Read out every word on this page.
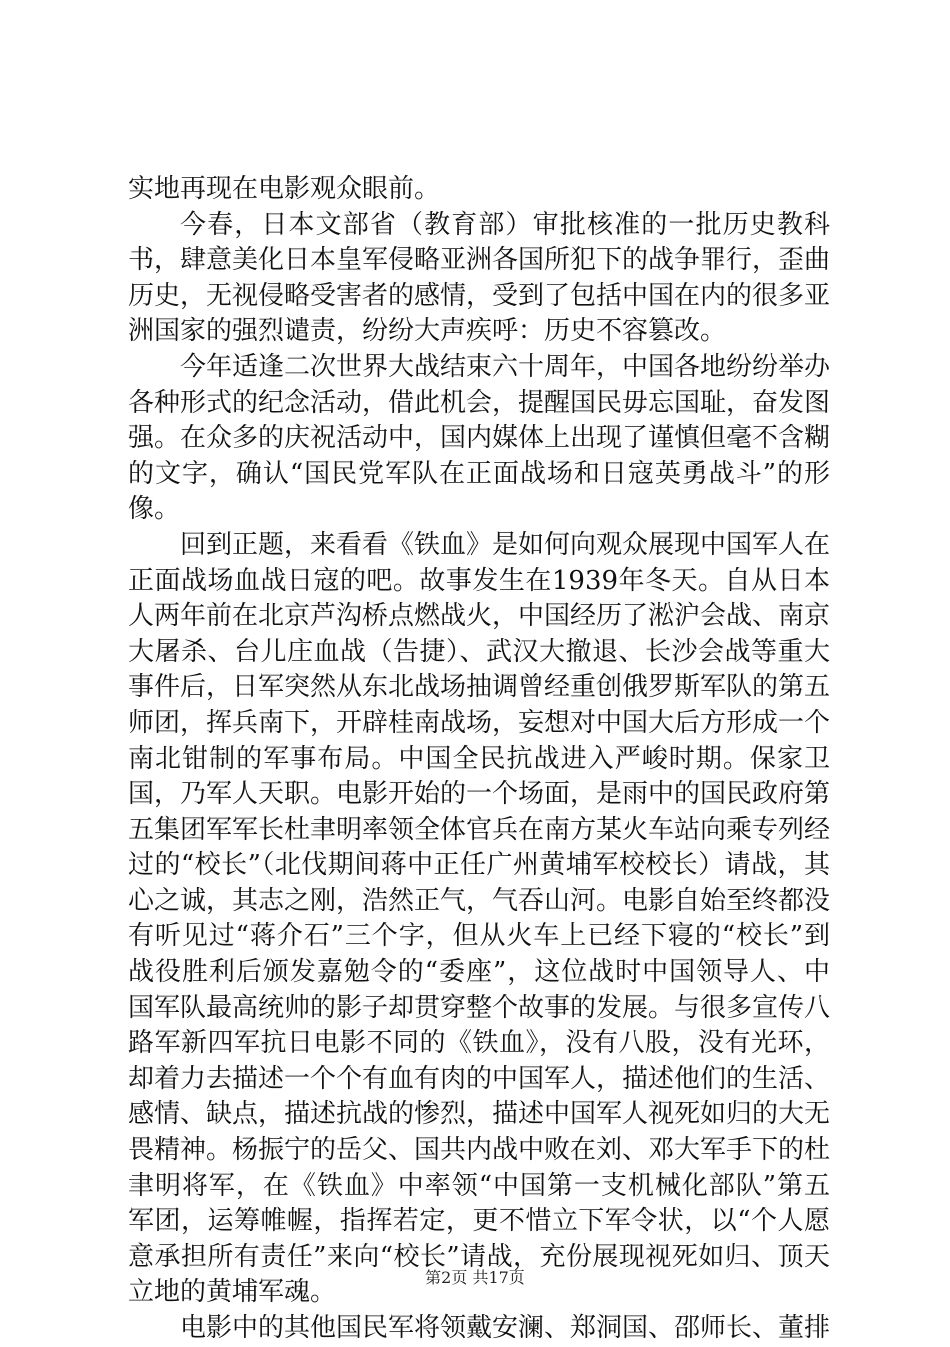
实地再现在电影观众眼前。

今春，日本文部省（教育部）审批核准的一批历史教科书，肆意美化日本皇军侵略亚洲各国所犯下的战争罪行，歪曲历史，无视侵略受害者的感情，受到了包括中国在内的很多亚洲国家的强烈谴责，纷纷大声疾呼：历史不容篡改。

今年适逢二次世界大战结束六十周年，中国各地纷纷举办各种形式的纪念活动，借此机会，提醒国民毋忘国耻，奋发图强。在众多的庆祝活动中，国内媒体上出现了谨慎但毫不含糊的文字，确认“国民党军队在正面战场和日寇英勇战斗”的形像。

回到正题，来看看《铁血》是如何向观众展现中国军人在正面战场血战日寇的吧。故事发生在1939年冬天。自从日本人两年前在北京芦沟桥点燃战火，中国经历了淞沪会战、南京大屠杀、台儿庄血战（告捷）、武汉大撤退、长沙会战等重大事件后，日军突然从东北战场抽调曾经重创俄罗斯军队的第五师团，挥兵南下，开辟桂南战场，妄想对中国大后方形成一个南北钳制的军事布局。中国全民抗战进入严峻时期。保家卫国，乃军人天职。电影开始的一个场面，是雨中的国民政府第五集团军军长杜聿明率领全体官兵在南方某火车站向乘专列经过的“校长”（北伐期间蒋中正任广州黄埔军校校长）请战，其心之诚，其志之刚，浩然正气，气吞山河。电影自始至终都没有听见过“蒋介石”三个字，但从火车上已经下寝的“校长”到战役胜利后颁发嘉勉令的“委座”，这位战时中国领导人、中国军队最高统帅的影子却贯穿整个故事的发展。与很多宣传八路军新四军抗日电影不同的《铁血》，没有八股，没有光环，却着力去描述一个个有血有肉的中国军人，描述他们的生活、感情、缺点，描述抗战的惨烈，描述中国军人视死如归的大无畏精神。杨振宁的岳父、国共内战中败在刘、邓大军手下的杜聿明将军，在《铁血》中率领“中国第一支机械化部队”第五军团，运筹帷幄，指挥若定，更不惜立下军令状，以“个人愿意承担所有责任”来向“校长”请战，充份展现视死如归、顶天立地的黄埔军魂。

电影中的其他国民军将领戴安澜、郑洞国、邵师长、董排

第2页 共17页
